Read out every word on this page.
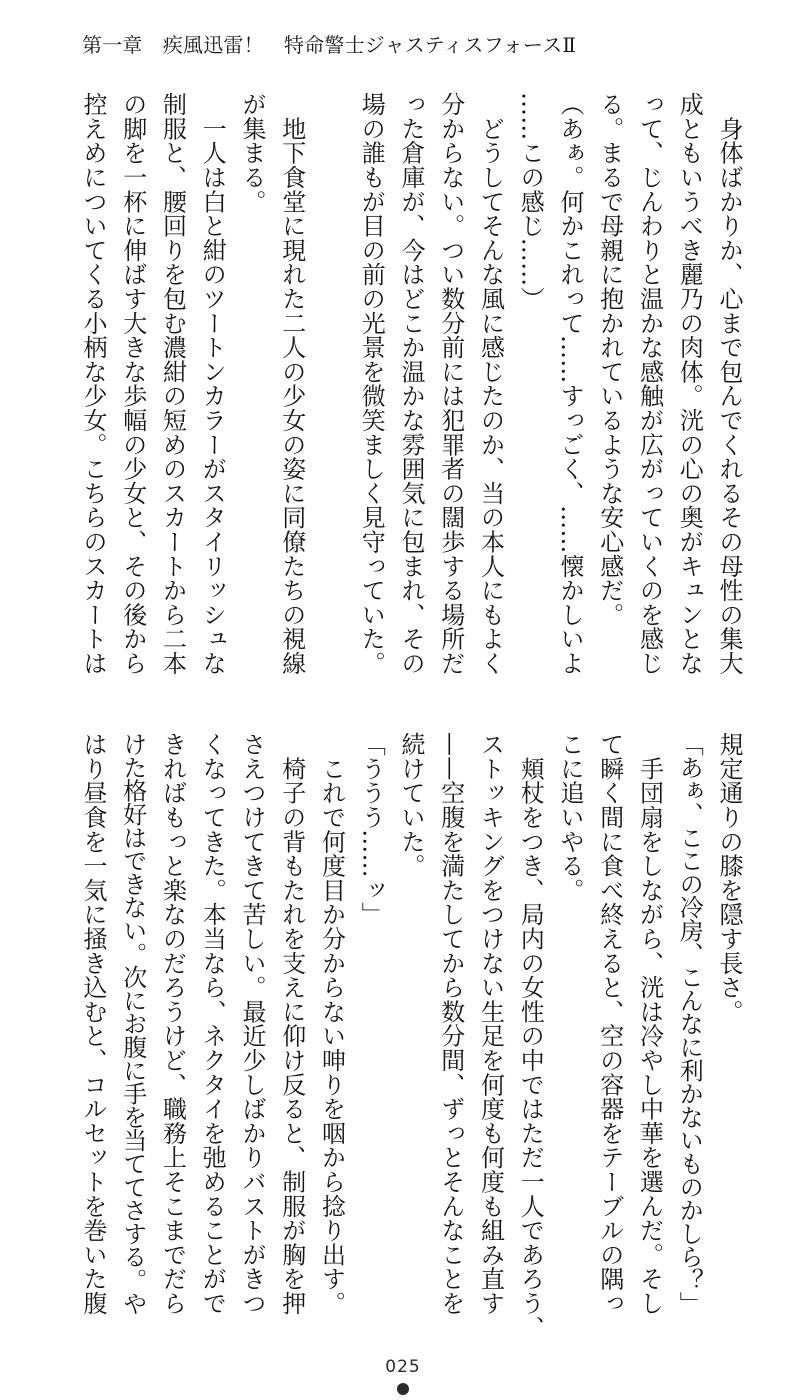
第一章　疾風迅雷！　特命警士ジャスティスフォースⅡ
　身体ばかりか、心まで包んでくれるその母性の集大
成ともいうべき麗乃の肉体。洸の心の奥がキュンとな
って、じんわりと温かな感触が広がっていくのを感じ
る。まるで母親に抱かれているような安心感だ。
（あぁ。何かこれって……すっごく、……懐かしいよ
……この感じ……）
　どうしてそんな風に感じたのか、当の本人にもよく
分からない。つい数分前には犯罪者の闊歩する場所だ
った倉庫が、今はどこか温かな雰囲気に包まれ、その
場の誰もが目の前の光景を微笑ましく見守っていた。
　地下食堂に現れた二人の少女の姿に同僚たちの視線
が集まる。
　一人は白と紺のツートンカラーがスタイリッシュな
制服と、腰回りを包む濃紺の短めのスカートから二本
の脚を一杯に伸ばす大きな歩幅の少女と、その後から
控えめについてくる小柄な少女。こちらのスカートは
規定通りの膝を隠す長さ。
「あぁ、ここの冷房、こんなに利かないものかしら？」
　手団扇をしながら、洸は冷やし中華を選んだ。そし
て瞬く間に食べ終えると、空の容器をテーブルの隅っ
こに追いやる。
　頬杖をつき、局内の女性の中ではただ一人であろう、
ストッキングをつけない生足を何度も何度も組み直す
——空腹を満たしてから数分間、ずっとそんなことを
続けていた。
「ううう……ッ」
　これで何度目か分からない呻りを咽から捻り出す。
　椅子の背もたれを支えに仰け反ると、制服が胸を押
さえつけてきて苦しい。最近少しばかりバストがきつ
くなってきた。本当なら、ネクタイを弛めることがで
きればもっと楽なのだろうけど、職務上そこまでだら
けた格好はできない。次にお腹に手を当ててさする。や
はり昼食を一気に掻き込むと、コルセットを巻いた腹
025
